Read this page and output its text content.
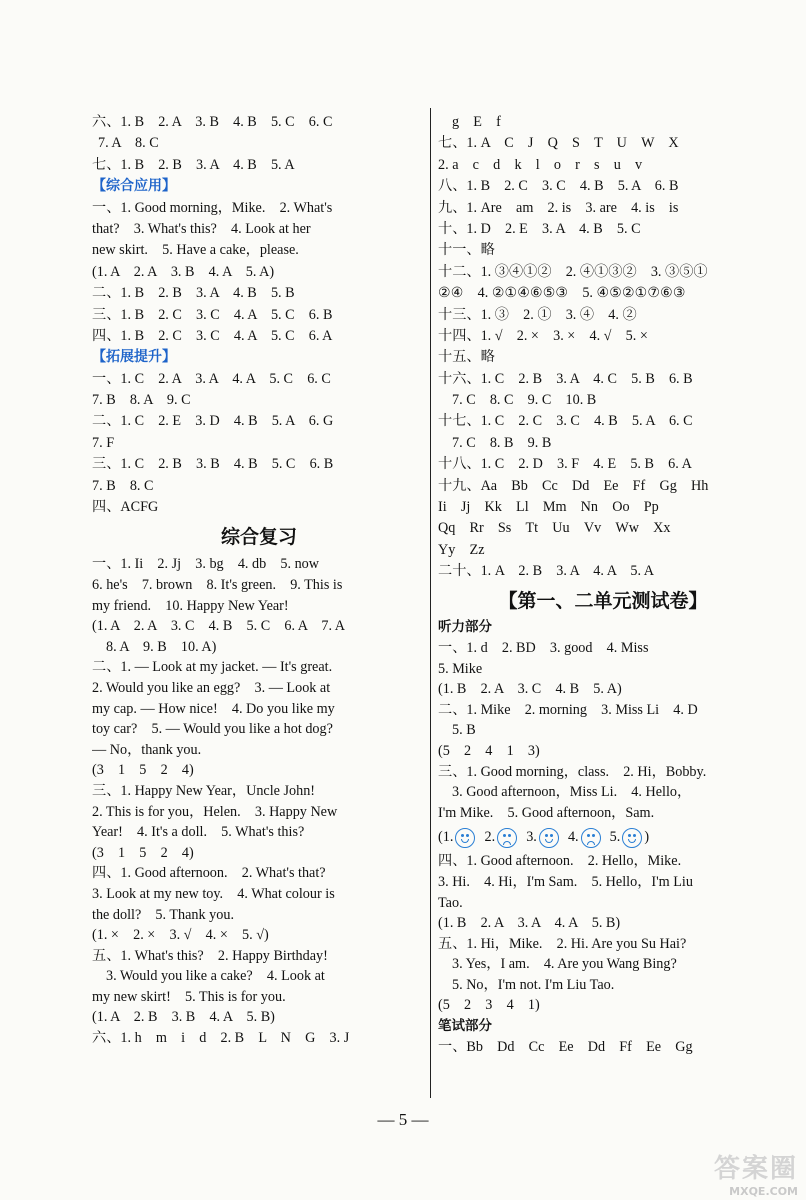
六、1. B　2. A　3. B　4. B　5. C　6. C
7. A　8. C
七、1. B　2. B　3. A　4. B　5. A
【综合应用】
一、1. Good morning，Mike.　2. What's
that?　3. What's this?　4. Look at her
new skirt.　5. Have a cake，please.
(1. A　2. A　3. B　4. A　5. A)
二、1. B　2. B　3. A　4. B　5. B
三、1. B　2. C　3. C　4. A　5. C　6. B
四、1. B　2. C　3. C　4. A　5. C　6. A
【拓展提升】
一、1. C　2. A　3. A　4. A　5. C　6. C
7. B　8. A　9. C
二、1. C　2. E　3. D　4. B　5. A　6. G
7. F
三、1. C　2. B　3. B　4. B　5. C　6. B
7. B　8. C
四、ACFG
综合复习
一、1. Ii　2. Jj　3. bg　4. db　5. now
6. he's　7. brown　8. It's green.　9. This is
my friend.　10. Happy New Year!
(1. A　2. A　3. C　4. B　5. C　6. A　7. A
8. A　9. B　10. A)
二、1. — Look at my jacket. — It's great.
2. Would you like an egg?　3. — Look at
my cap. — How nice!　4. Do you like my
toy car?　5. — Would you like a hot dog?
— No，thank you.
(3　1　5　2　4)
三、1. Happy New Year，Uncle John!
2. This is for you，Helen.　3. Happy New
Year!　4. It's a doll.　5. What's this?
(3　1　5　2　4)
四、1. Good afternoon.　2. What's that?
3. Look at my new toy.　4. What colour is
the doll?　5. Thank you.
(1. ×　2. ×　3. √　4. ×　5. √)
五、1. What's this?　2. Happy Birthday!
3. Would you like a cake?　4. Look at
my new skirt!　5. This is for you.
(1. A　2. B　3. B　4. A　5. B)
六、1. h　m　i　d　2. B　L　N　G　3. J
g　E　f
七、1. A　C　J　Q　S　T　U　W　X
2. a　c　d　k　l　o　r　s　u　v
八、1. B　2. C　3. C　4. B　5. A　6. B
九、1. Are　am　2. is　3. are　4. is　is
十、1. D　2. E　3. A　4. B　5. C
十一、略
十二、1. ③④①②　2. ④①③②　3. ③⑤①
②④　4. ②①④⑥⑤③　5. ④⑤②①⑦⑥③
十三、1. ③　2. ①　3. ④　4. ②
十四、1. √　2. ×　3. ×　4. √　5. ×
十五、略
十六、1. C　2. B　3. A　4. C　5. B　6. B
7. C　8. C　9. C　10. B
十七、1. C　2. C　3. C　4. B　5. A　6. C
7. C　8. B　9. B
十八、1. C　2. D　3. F　4. E　5. B　6. A
十九、Aa　Bb　Cc　Dd　Ee　Ff　Gg　Hh
Ii　Jj　Kk　Ll　Mm　Nn　Oo　Pp
Qq　Rr　Ss　Tt　Uu　Vv　Ww　Xx
Yy　Zz
二十、1. A　2. B　3. A　4. A　5. A
【第一、二单元测试卷】
听力部分
一、1. d　2. BD　3. good　4. Miss
5. Mike
(1. B　2. A　3. C　4. B　5. A)
二、1. Mike　2. morning　3. Miss Li　4. D
5. B
(5　2　4　1　3)
三、1. Good morning，class.　2. Hi，Bobby.
3. Good afternoon，Miss Li.　4. Hello，
I'm Mike.　5. Good afternoon，Sam.
(1. 2. 3. 4. 5. )
四、1. Good afternoon.　2. Hello，Mike.
3. Hi.　4. Hi，I'm Sam.　5. Hello，I'm Liu
Tao.
(1. B　2. A　3. A　4. A　5. B)
五、1. Hi，Mike.　2. Hi. Are you Su Hai?
3. Yes，I am.　4. Are you Wang Bing?
5. No，I'm not. I'm Liu Tao.
(5　2　3　4　1)
笔试部分
一、Bb　Dd　Cc　Ee　Dd　Ff　Ee　Gg
— 5 —
答案圈
MXQE.COM
